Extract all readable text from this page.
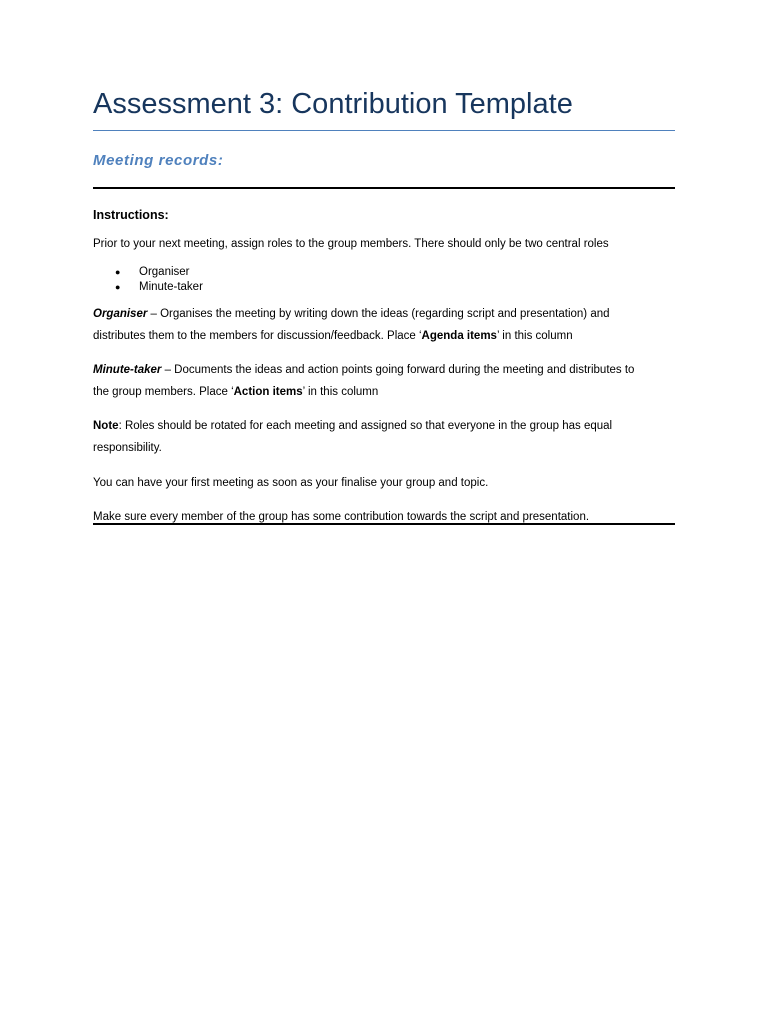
Assessment 3: Contribution Template
Meeting records:

Instructions:

Prior to your next meeting, assign roles to the group members. There should only be two central roles

● Organiser

● Minute-taker

Organiser – Organises the meeting by writing down the ideas (regarding script and presentation) and

distributes them to the members for discussion/feedback. Place ‘Agenda items’ in this column

Minute-taker – Documents the ideas and action points going forward during the meeting and distributes to

the group members. Place ‘Action items’ in this column

Note: Roles should be rotated for each meeting and assigned so that everyone in the group has equal

responsibility.

You can have your first meeting as soon as your finalise your group and topic.

Make sure every member of the group has some contribution towards the script and presentation.
